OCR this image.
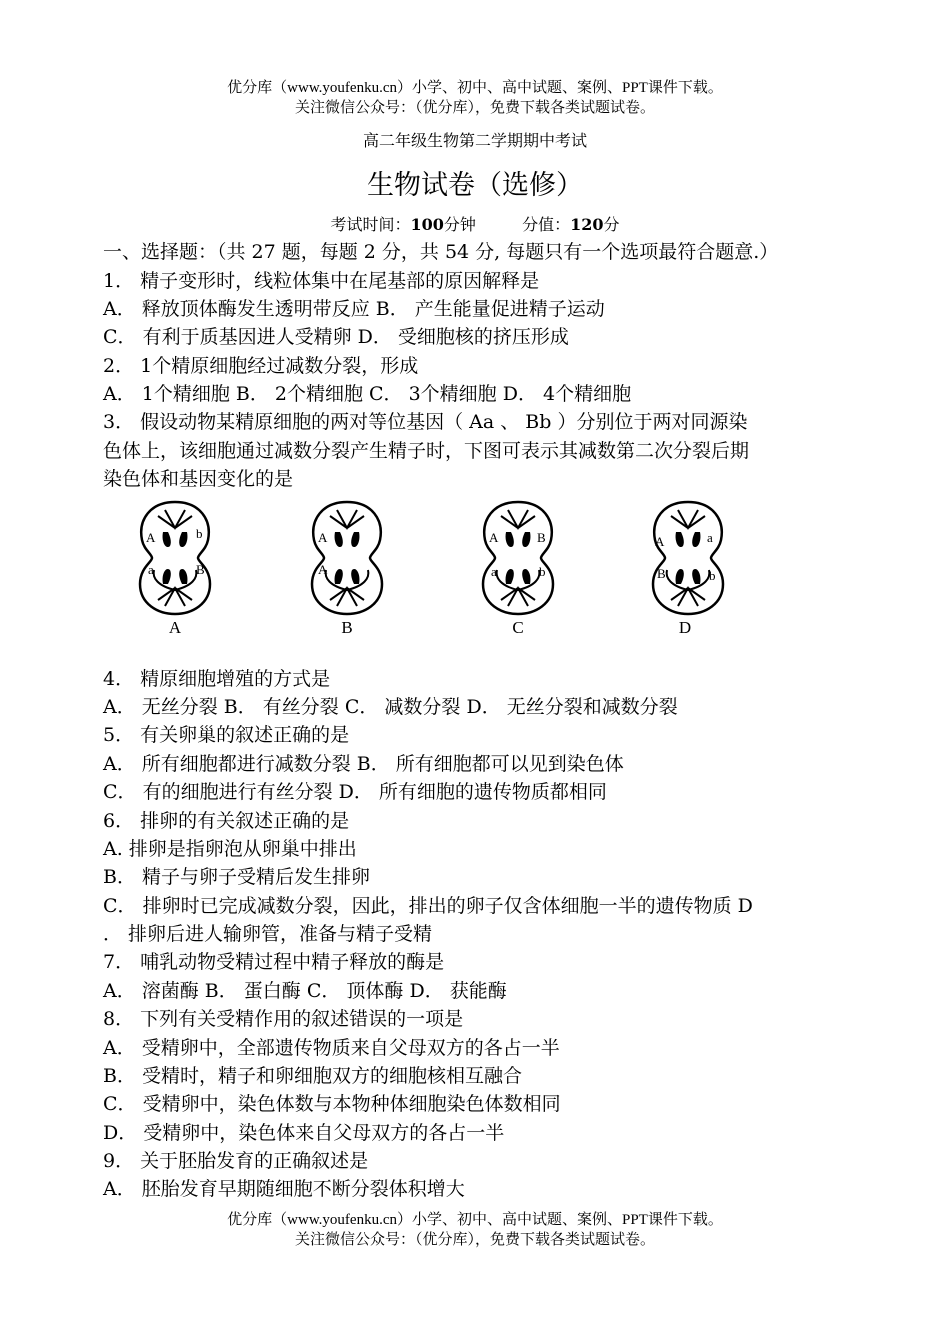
优分库（www.youfenku.cn）小学、初中、高中试题、案例、PPT课件下载。
关注微信公众号：（优分库），免费下载各类试题试卷。
高二年级生物第二学期期中考试
生物试卷（选修）
考试时间：100分钟	分值：120分
一、选择题：（共 27 题，每题 2 分，共 54 分, 每题只有一个选项最符合题意.）
1． 精子变形时，线粒体集中在尾基部的原因解释是
A． 释放顶体酶发生透明带反应 B． 产生能量促进精子运动
C． 有利于质基因进人受精卵 D． 受细胞核的挤压形成
2． 1个精原细胞经过减数分裂，形成
A． 1个精细胞 B． 2个精细胞 C． 3个精细胞 D． 4个精细胞
3． 假设动物某精原细胞的两对等位基因（ Aa 、 Bb ）分别位于两对同源染
色体上，该细胞通过减数分裂产生精子时，下图可表示其减数第二次分裂后期
染色体和基因变化的是
A	b
a	B
A
A
A
B
A	B
a	b
C
A	a
B	b
D
4． 精原细胞增殖的方式是
A． 无丝分裂 B． 有丝分裂 C． 减数分裂 D． 无丝分裂和减数分裂
5． 有关卵巢的叙述正确的是
A． 所有细胞都进行减数分裂 B． 所有细胞都可以见到染色体
C． 有的细胞进行有丝分裂 D． 所有细胞的遗传物质都相同
6． 排卵的有关叙述正确的是
A. 排卵是指卵泡从卵巢中排出
B． 精子与卵子受精后发生排卵
C． 排卵时已完成减数分裂，因此，排出的卵子仅含体细胞一半的遗传物质 D
． 排卵后进人输卵管，准备与精子受精
7． 哺乳动物受精过程中精子释放的酶是
A． 溶菌酶 B． 蛋白酶 C． 顶体酶 D． 获能酶
8． 下列有关受精作用的叙述错误的一项是
A． 受精卵中，全部遗传物质来自父母双方的各占一半
B． 受精时，精子和卵细胞双方的细胞核相互融合
C． 受精卵中，染色体数与本物种体细胞染色体数相同
D． 受精卵中，染色体来自父母双方的各占一半
9． 关于胚胎发育的正确叙述是
A． 胚胎发育早期随细胞不断分裂体积增大
优分库（www.youfenku.cn）小学、初中、高中试题、案例、PPT课件下载。
关注微信公众号：（优分库），免费下载各类试题试卷。
